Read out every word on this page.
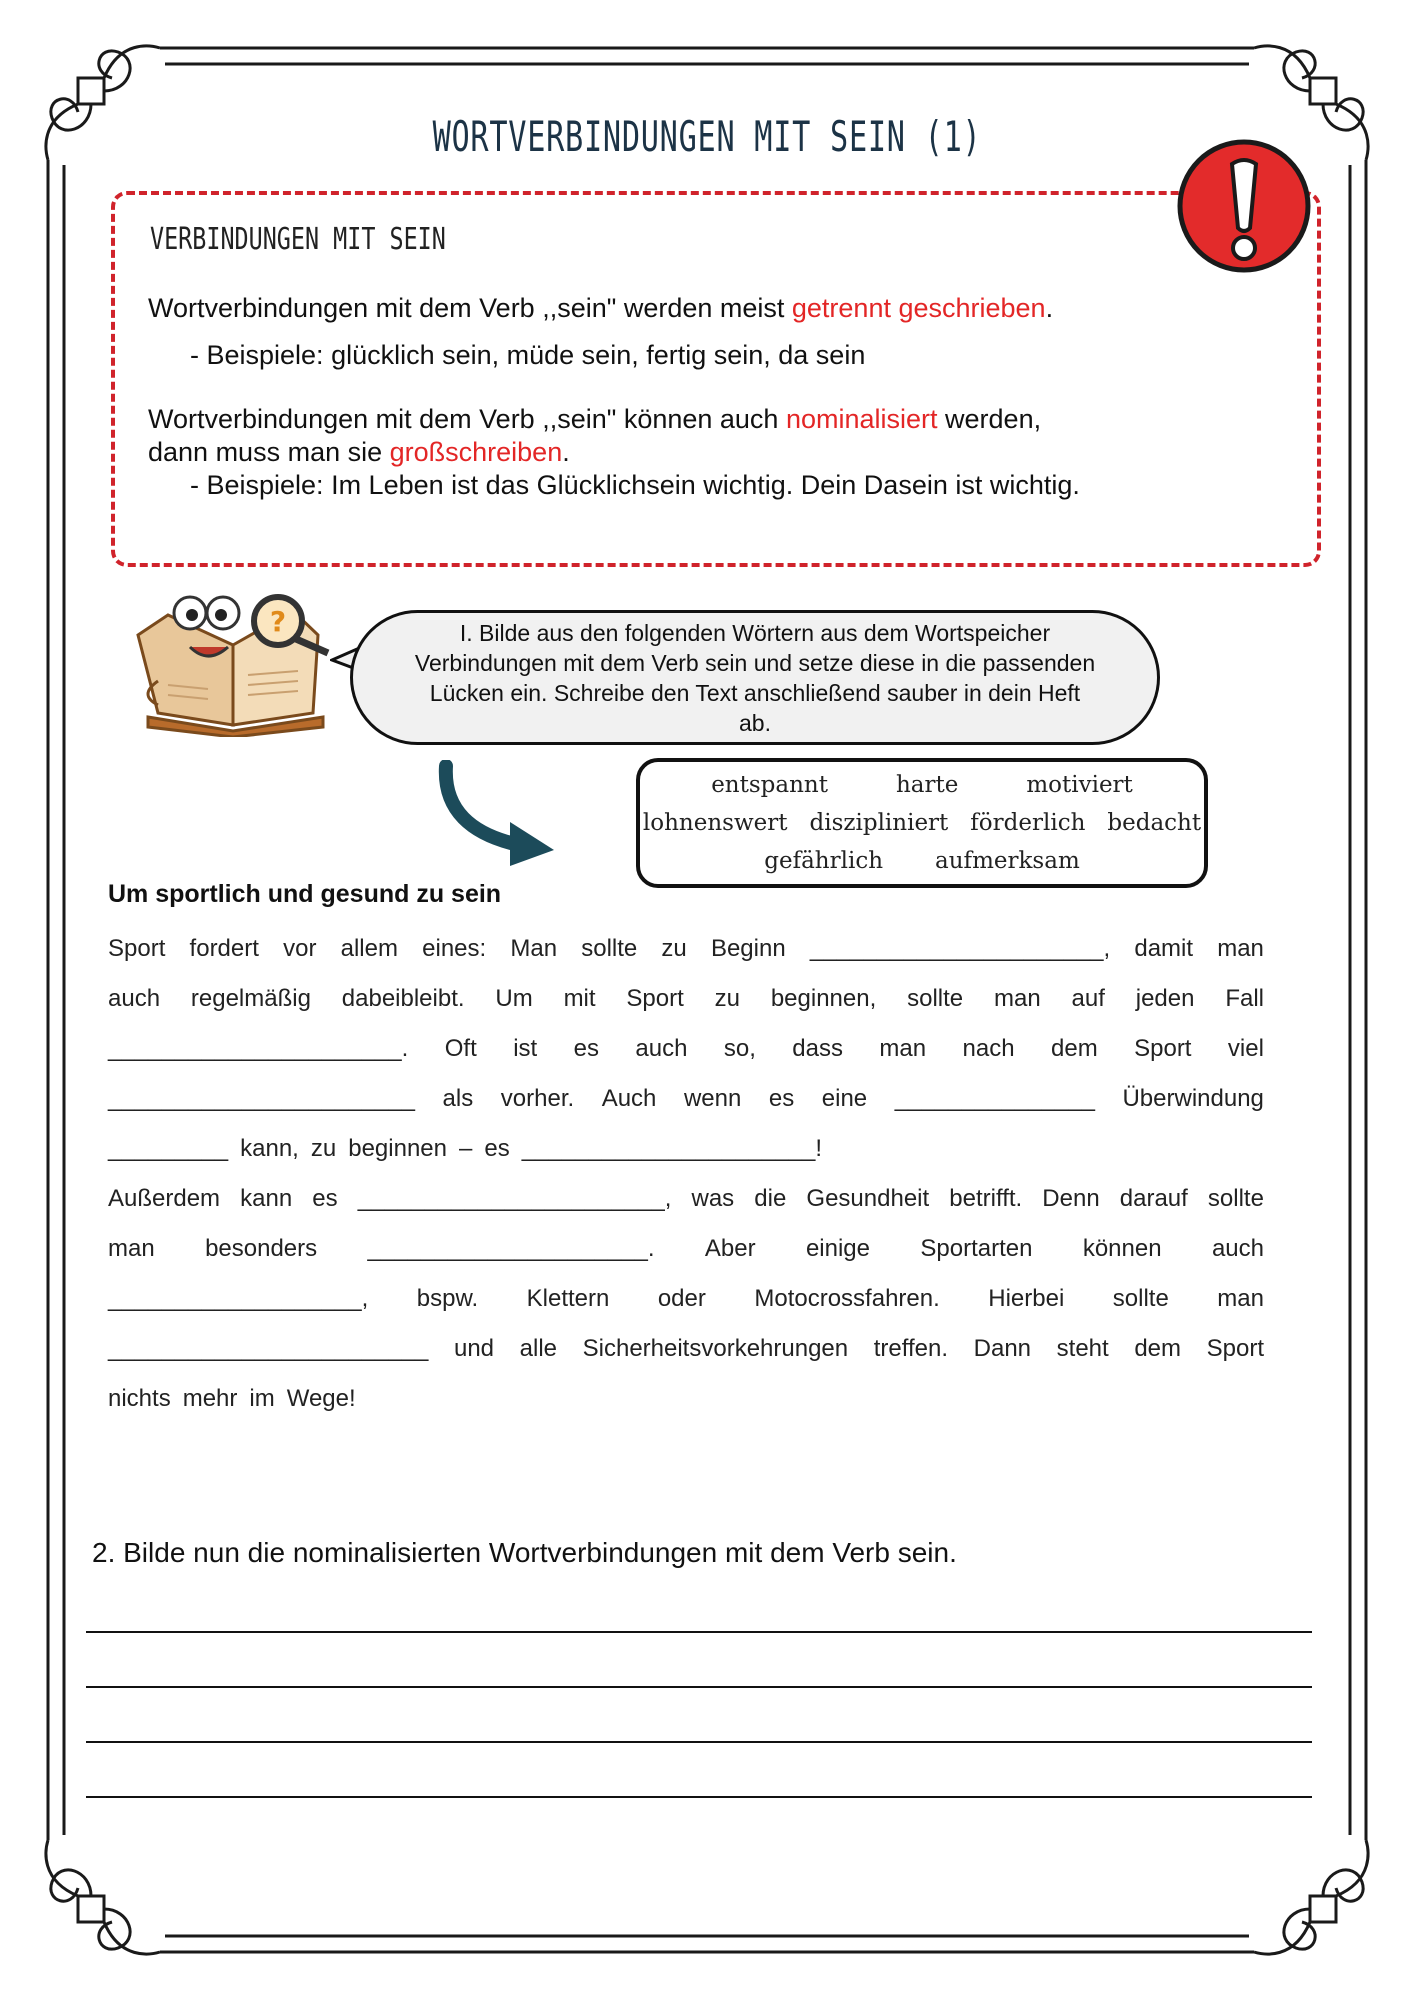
WORTVERBINDUNGEN MIT SEIN (1)
VERBINDUNGEN MIT SEIN
Wortverbindungen mit dem Verb ,,sein" werden meist getrennt geschrieben.
- Beispiele: glücklich sein, müde sein, fertig sein, da sein
Wortverbindungen mit dem Verb ,,sein" können auch nominalisiert werden,
dann muss man sie großschreiben.
- Beispiele: Im Leben ist das Glücklichsein wichtig. Dein Dasein ist wichtig.
?	I. Bilde aus den folgenden Wörtern aus dem Wortspeicher Verbindungen mit dem Verb sein und setze diese in die passenden Lücken ein. Schreibe den Text anschließend sauber in dein Heft ab.
entspannt	harte	motiviert
lohnenswert diszipliniert förderlich bedacht
gefährlich aufmerksam
Um sportlich und gesund zu sein
Sport fordert vor allem eines: Man sollte zu Beginn ______________________, damit man
auch regelmäßig dabeibleibt. Um mit Sport zu beginnen, sollte man auf jeden Fall
______________________. Oft ist es auch so, dass man nach dem Sport viel
_______________________ als vorher. Auch wenn es eine _______________ Überwindung
_________ kann, zu beginnen – es ______________________!
Außerdem kann es _______________________, was die Gesundheit betrifft. Denn darauf sollte
man besonders _____________________. Aber einige Sportarten können auch
___________________, bspw. Klettern oder Motocrossfahren. Hierbei sollte man
________________________ und alle Sicherheitsvorkehrungen treffen. Dann steht dem Sport
nichts mehr im Wege!
2. Bilde nun die nominalisierten Wortverbindungen mit dem Verb sein.
